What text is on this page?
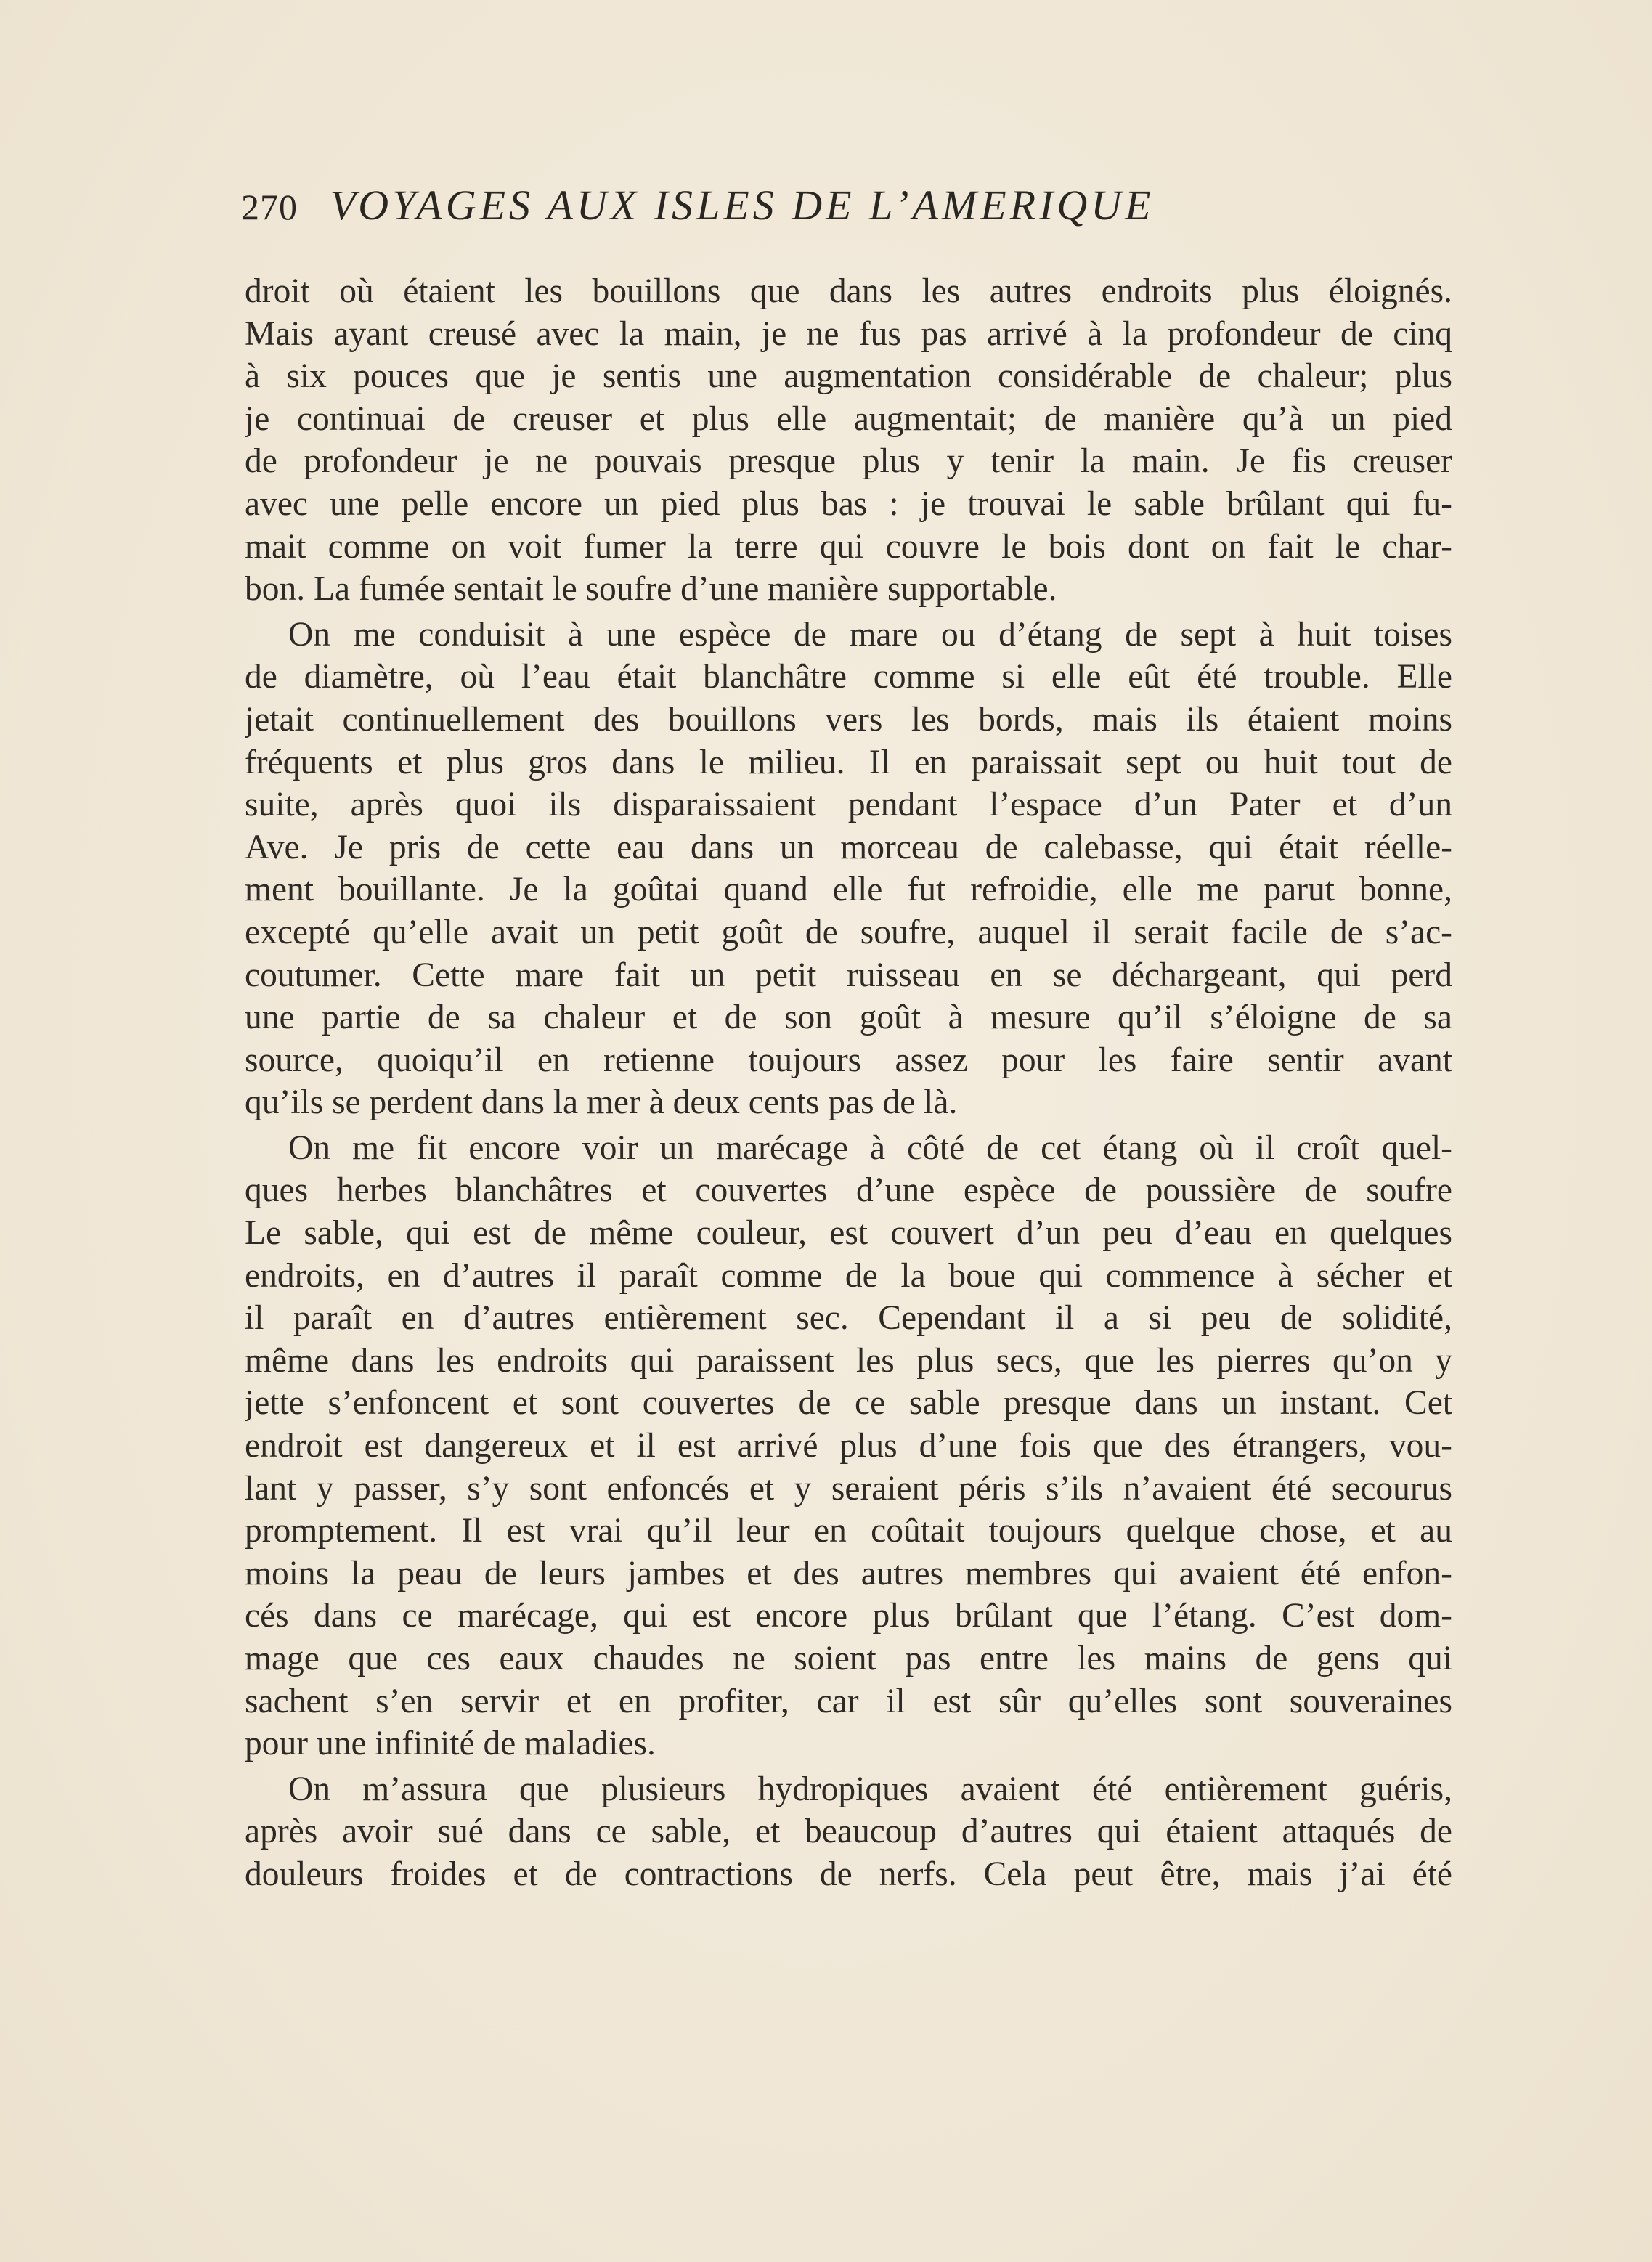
270 VOYAGES AUX ISLES DE L’AMERIQUE
droit où étaient les bouillons que dans les autres endroits plus éloignés.
Mais ayant creusé avec la main, je ne fus pas arrivé à la profondeur de cinq
à six pouces que je sentis une augmentation considérable de chaleur; plus
je continuai de creuser et plus elle augmentait; de manière qu’à un pied
de profondeur je ne pouvais presque plus y tenir la main. Je fis creuser
avec une pelle encore un pied plus bas : je trouvai le sable brûlant qui fu-
mait comme on voit fumer la terre qui couvre le bois dont on fait le char-
bon. La fumée sentait le soufre d’une manière supportable.
On me conduisit à une espèce de mare ou d’étang de sept à huit toises
de diamètre, où l’eau était blanchâtre comme si elle eût été trouble. Elle
jetait continuellement des bouillons vers les bords, mais ils étaient moins
fréquents et plus gros dans le milieu. Il en paraissait sept ou huit tout de
suite, après quoi ils disparaissaient pendant l’espace d’un Pater et d’un
Ave. Je pris de cette eau dans un morceau de calebasse, qui était réelle-
ment bouillante. Je la goûtai quand elle fut refroidie, elle me parut bonne,
excepté qu’elle avait un petit goût de soufre, auquel il serait facile de s’ac-
coutumer. Cette mare fait un petit ruisseau en se déchargeant, qui perd
une partie de sa chaleur et de son goût à mesure qu’il s’éloigne de sa
source, quoiqu’il en retienne toujours assez pour les faire sentir avant
qu’ils se perdent dans la mer à deux cents pas de là.
On me fit encore voir un marécage à côté de cet étang où il croît quel-
ques herbes blanchâtres et couvertes d’une espèce de poussière de soufre
Le sable, qui est de même couleur, est couvert d’un peu d’eau en quelques
endroits, en d’autres il paraît comme de la boue qui commence à sécher et
il paraît en d’autres entièrement sec. Cependant il a si peu de solidité,
même dans les endroits qui paraissent les plus secs, que les pierres qu’on y
jette s’enfoncent et sont couvertes de ce sable presque dans un instant. Cet
endroit est dangereux et il est arrivé plus d’une fois que des étrangers, vou-
lant y passer, s’y sont enfoncés et y seraient péris s’ils n’avaient été secourus
promptement. Il est vrai qu’il leur en coûtait toujours quelque chose, et au
moins la peau de leurs jambes et des autres membres qui avaient été enfon-
cés dans ce marécage, qui est encore plus brûlant que l’étang. C’est dom-
mage que ces eaux chaudes ne soient pas entre les mains de gens qui
sachent s’en servir et en profiter, car il est sûr qu’elles sont souveraines
pour une infinité de maladies.
On m’assura que plusieurs hydropiques avaient été entièrement guéris,
après avoir sué dans ce sable, et beaucoup d’autres qui étaient attaqués de
douleurs froides et de contractions de nerfs. Cela peut être, mais j’ai été
